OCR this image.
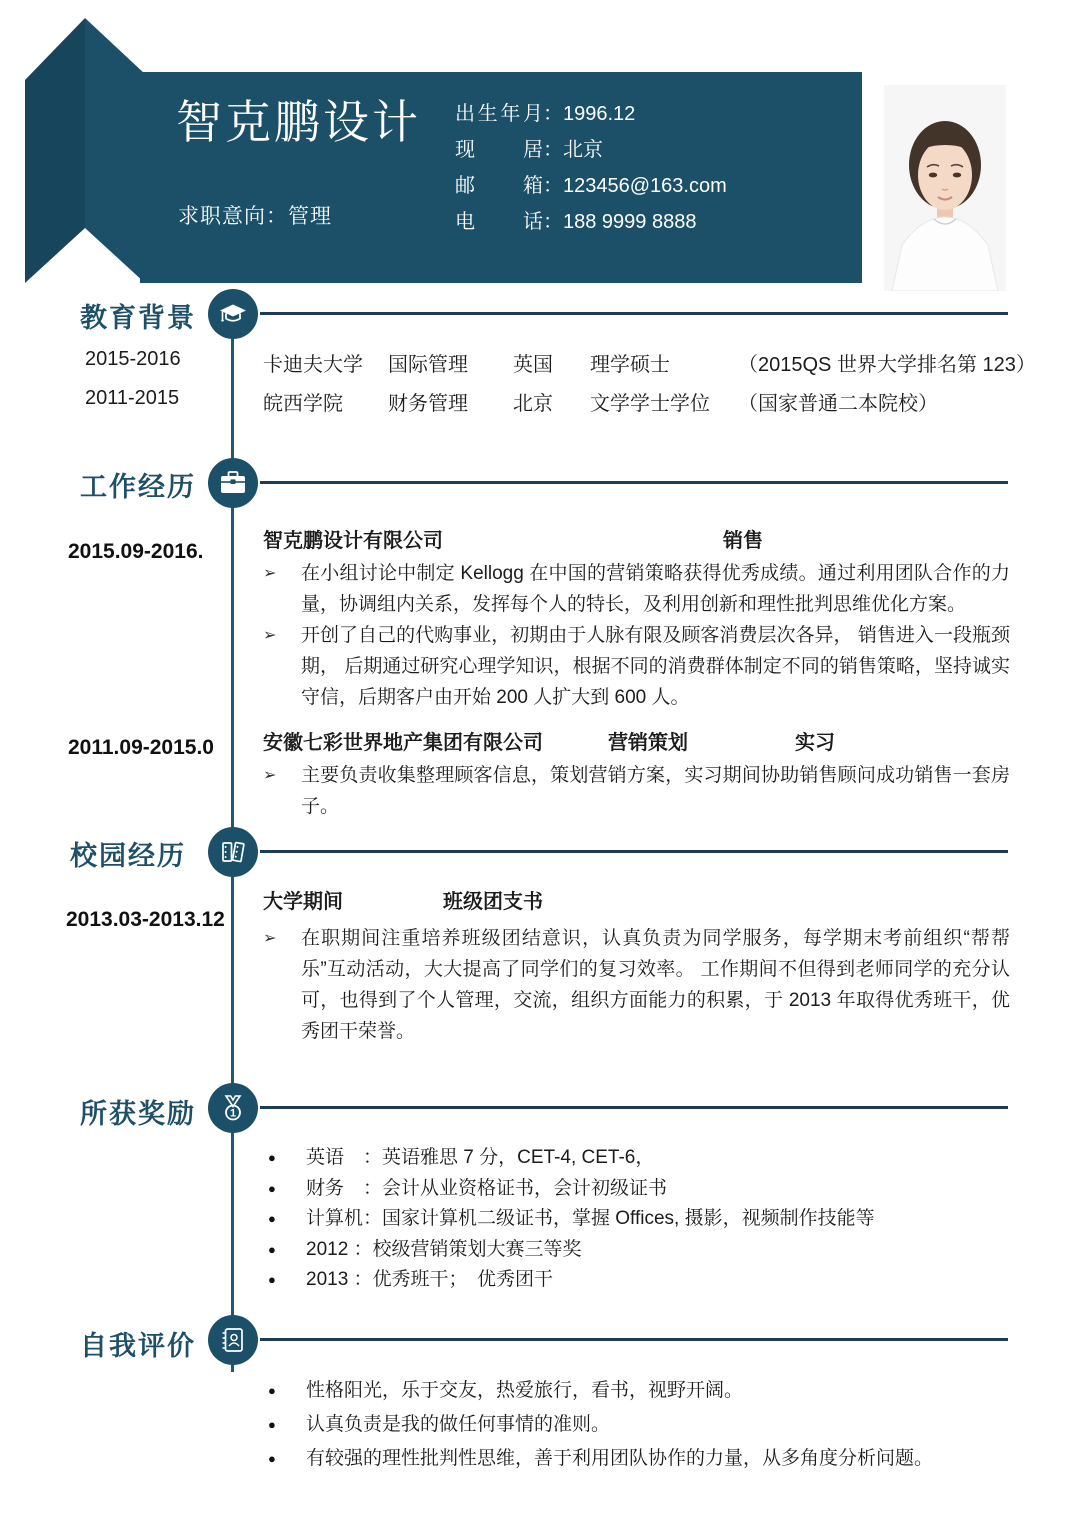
智克鹏设计
求职意向：管理
出生年月 ： 1996.12
现居 ： 北京
邮箱 ： 123456@163.com
电话 ： 188 9999 8888
教育背景
2015-2016	卡迪夫大学	国际管理	英国	理学硕士	（2015QS 世界大学排名第 123）
2011-2015	皖西学院	财务管理	北京	文学学士学位	（国家普通二本院校）
工作经历
2015.09-2016.
2011.09-2015.0
智克鹏设计有限公司	销售
➢	在小组讨论中制定 Kellogg 在中国的营销策略获得优秀成绩。通过利用团队合作的力量，协调组内关系，发挥每个人的特长，及利用创新和理性批判思维优化方案。
➢	开创了自己的代购事业，初期由于人脉有限及顾客消费层次各异， 销售进入一段瓶颈期， 后期通过研究心理学知识，根据不同的消费群体制定不同的销售策略，坚持诚实守信，后期客户由开始 200 人扩大到 600 人。
安徽七彩世界地产集团有限公司	营销策划	实习
➢	主要负责收集整理顾客信息，策划营销方案，实习期间协助销售顾问成功销售一套房子。
校园经历
2013.03-2013.12
大学期间	班级团支书
➢	在职期间注重培养班级团结意识，认真负责为同学服务，每学期末考前组织“帮帮乐”互动活动，大大提高了同学们的复习效率。 工作期间不但得到老师同学的充分认可，也得到了个人管理，交流，组织方面能力的积累，于 2013 年取得优秀班干，优秀团干荣誉。
所获奖励	1
●	英语　：英语雅思 7 分，CET-4, CET-6，
●	财务　：会计从业资格证书，会计初级证书
●	计算机：国家计算机二级证书，掌握 Offices, 摄影，视频制作技能等
●	2012 ：校级营销策划大赛三等奖
●	2013 ：优秀班干；　优秀团干
自我评价
●	性格阳光，乐于交友，热爱旅行，看书，视野开阔。
●	认真负责是我的做任何事情的准则。
●	有较强的理性批判性思维，善于利用团队协作的力量，从多角度分析问题。
